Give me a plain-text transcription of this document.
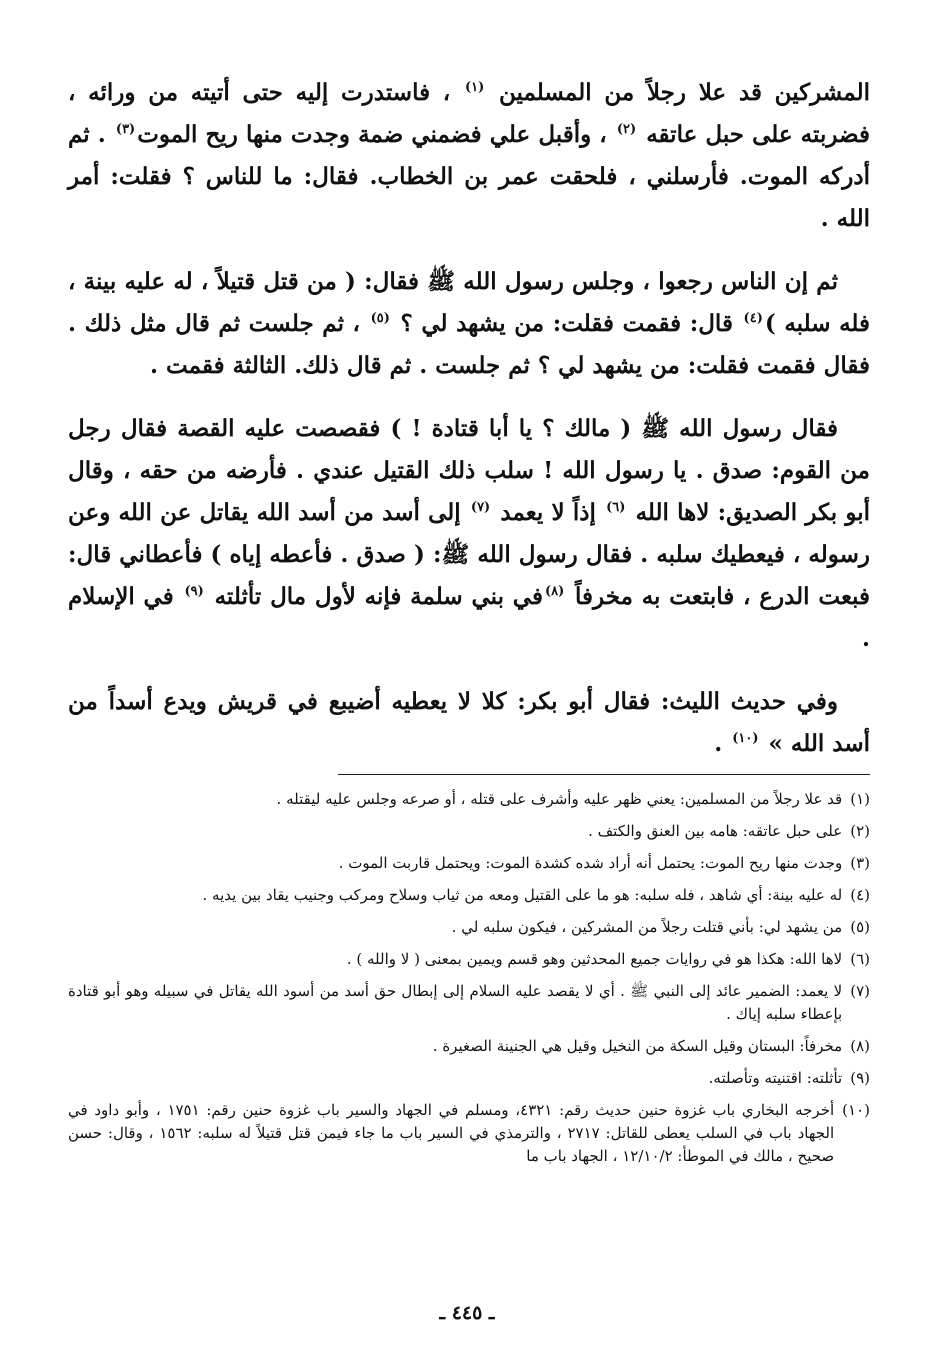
المشركين قد علا رجلاً من المسلمين $^{(١)}$ ، فاستدرت إليه حتى أتيته من ورائه ، فضربته على حبل عاتقه $^{(٢)}$ ، وأقبل علي فضمني ضمة وجدت منها ريح الموت$^{(٣)}$ . ثم أدركه الموت. فأرسلني ، فلحقت عمر بن الخطاب. فقال: ما للناس ؟ فقلت: أمر الله .

ثم إن الناس رجعوا ، وجلس رسول الله ﷺ فقال: ( من قتل قتيلاً ، له عليه بينة ، فله سلبه )$^{(٤)}$ قال: فقمت فقلت: من يشهد لي ؟ $^{(٥)}$ ، ثم جلست ثم قال مثل ذلك . فقال فقمت فقلت: من يشهد لي ؟ ثم جلست . ثم قال ذلك. الثالثة فقمت .

فقال رسول الله ﷺ ( مالك ؟ يا أبا قتادة ! ) فقصصت عليه القصة فقال رجل من القوم: صدق . يا رسول الله ! سلب ذلك القتيل عندي . فأرضه من حقه ، وقال أبو بكر الصديق: لاها الله $^{(٦)}$ إذاً لا يعمد $^{(٧)}$ إلى أسد من أسد الله يقاتل عن الله وعن رسوله ، فيعطيك سلبه . فقال رسول الله ﷺ: ( صدق . فأعطه إياه ) فأعطاني قال: فبعت الدرع ، فابتعت به مخرفاً $^{(٨)}$في بني سلمة فإنه لأول مال تأثلته $^{(٩)}$ في الإسلام .

وفي حديث الليث: فقال أبو بكر: كلا لا يعطيه أضيبع في قريش ويدع أسداً من أسد الله » $^{(١٠)}$ .

(١)
قد علا رجلاً من المسلمين: يعني ظهر عليه وأشرف على قتله ، أو صرعه وجلس عليه ليقتله .
(٢)
على حبل عاتقه: هامه بين العنق والكتف .
(٣)
وجدت منها ريح الموت: يحتمل أنه أراد شده كشدة الموت: ويحتمل قاربت الموت .
(٤)
له عليه بينة: أي شاهد ، فله سلبه: هو ما على القتيل ومعه من ثياب وسلاح ومركب وجنيب يقاد بين يديه .
(٥)
من يشهد لي: بأني قتلت رجلاً من المشركين ، فيكون سلبه لي .
(٦)
لاها الله: هكذا هو في روايات جميع المحدثين وهو قسم ويمين بمعنى ( لا والله ) .
(٧)
لا يعمد: الضمير عائد إلى النبي ﷺ . أي لا يقصد عليه السلام إلى إبطال حق أسد من أسود الله يقاتل في سبيله وهو أبو قتادة بإعطاء سلبه إياك .
(٨)
مخرفاً: البستان وقيل السكة من النخيل وقيل هي الجنينة الصغيرة .
(٩)
تأثلته: اقتنيته وتأصلته.
(١٠)
أخرجه البخاري باب غزوة حنين حديث رقم: ٤٣٢١، ومسلم في الجهاد والسير باب غزوة حنين رقم: ١٧٥١ ، وأبو داود في الجهاد باب في السلب يعطى للقاتل: ٢٧١٧ ، والترمذي في السير باب ما جاء فيمن قتل قتيلاً له سلبه: ١٥٦٢ ، وقال: حسن صحيح ، مالك في الموطأ: ١٢/١٠/٢ ، الجهاد باب ما
ـ ٤٤٥ ـ
